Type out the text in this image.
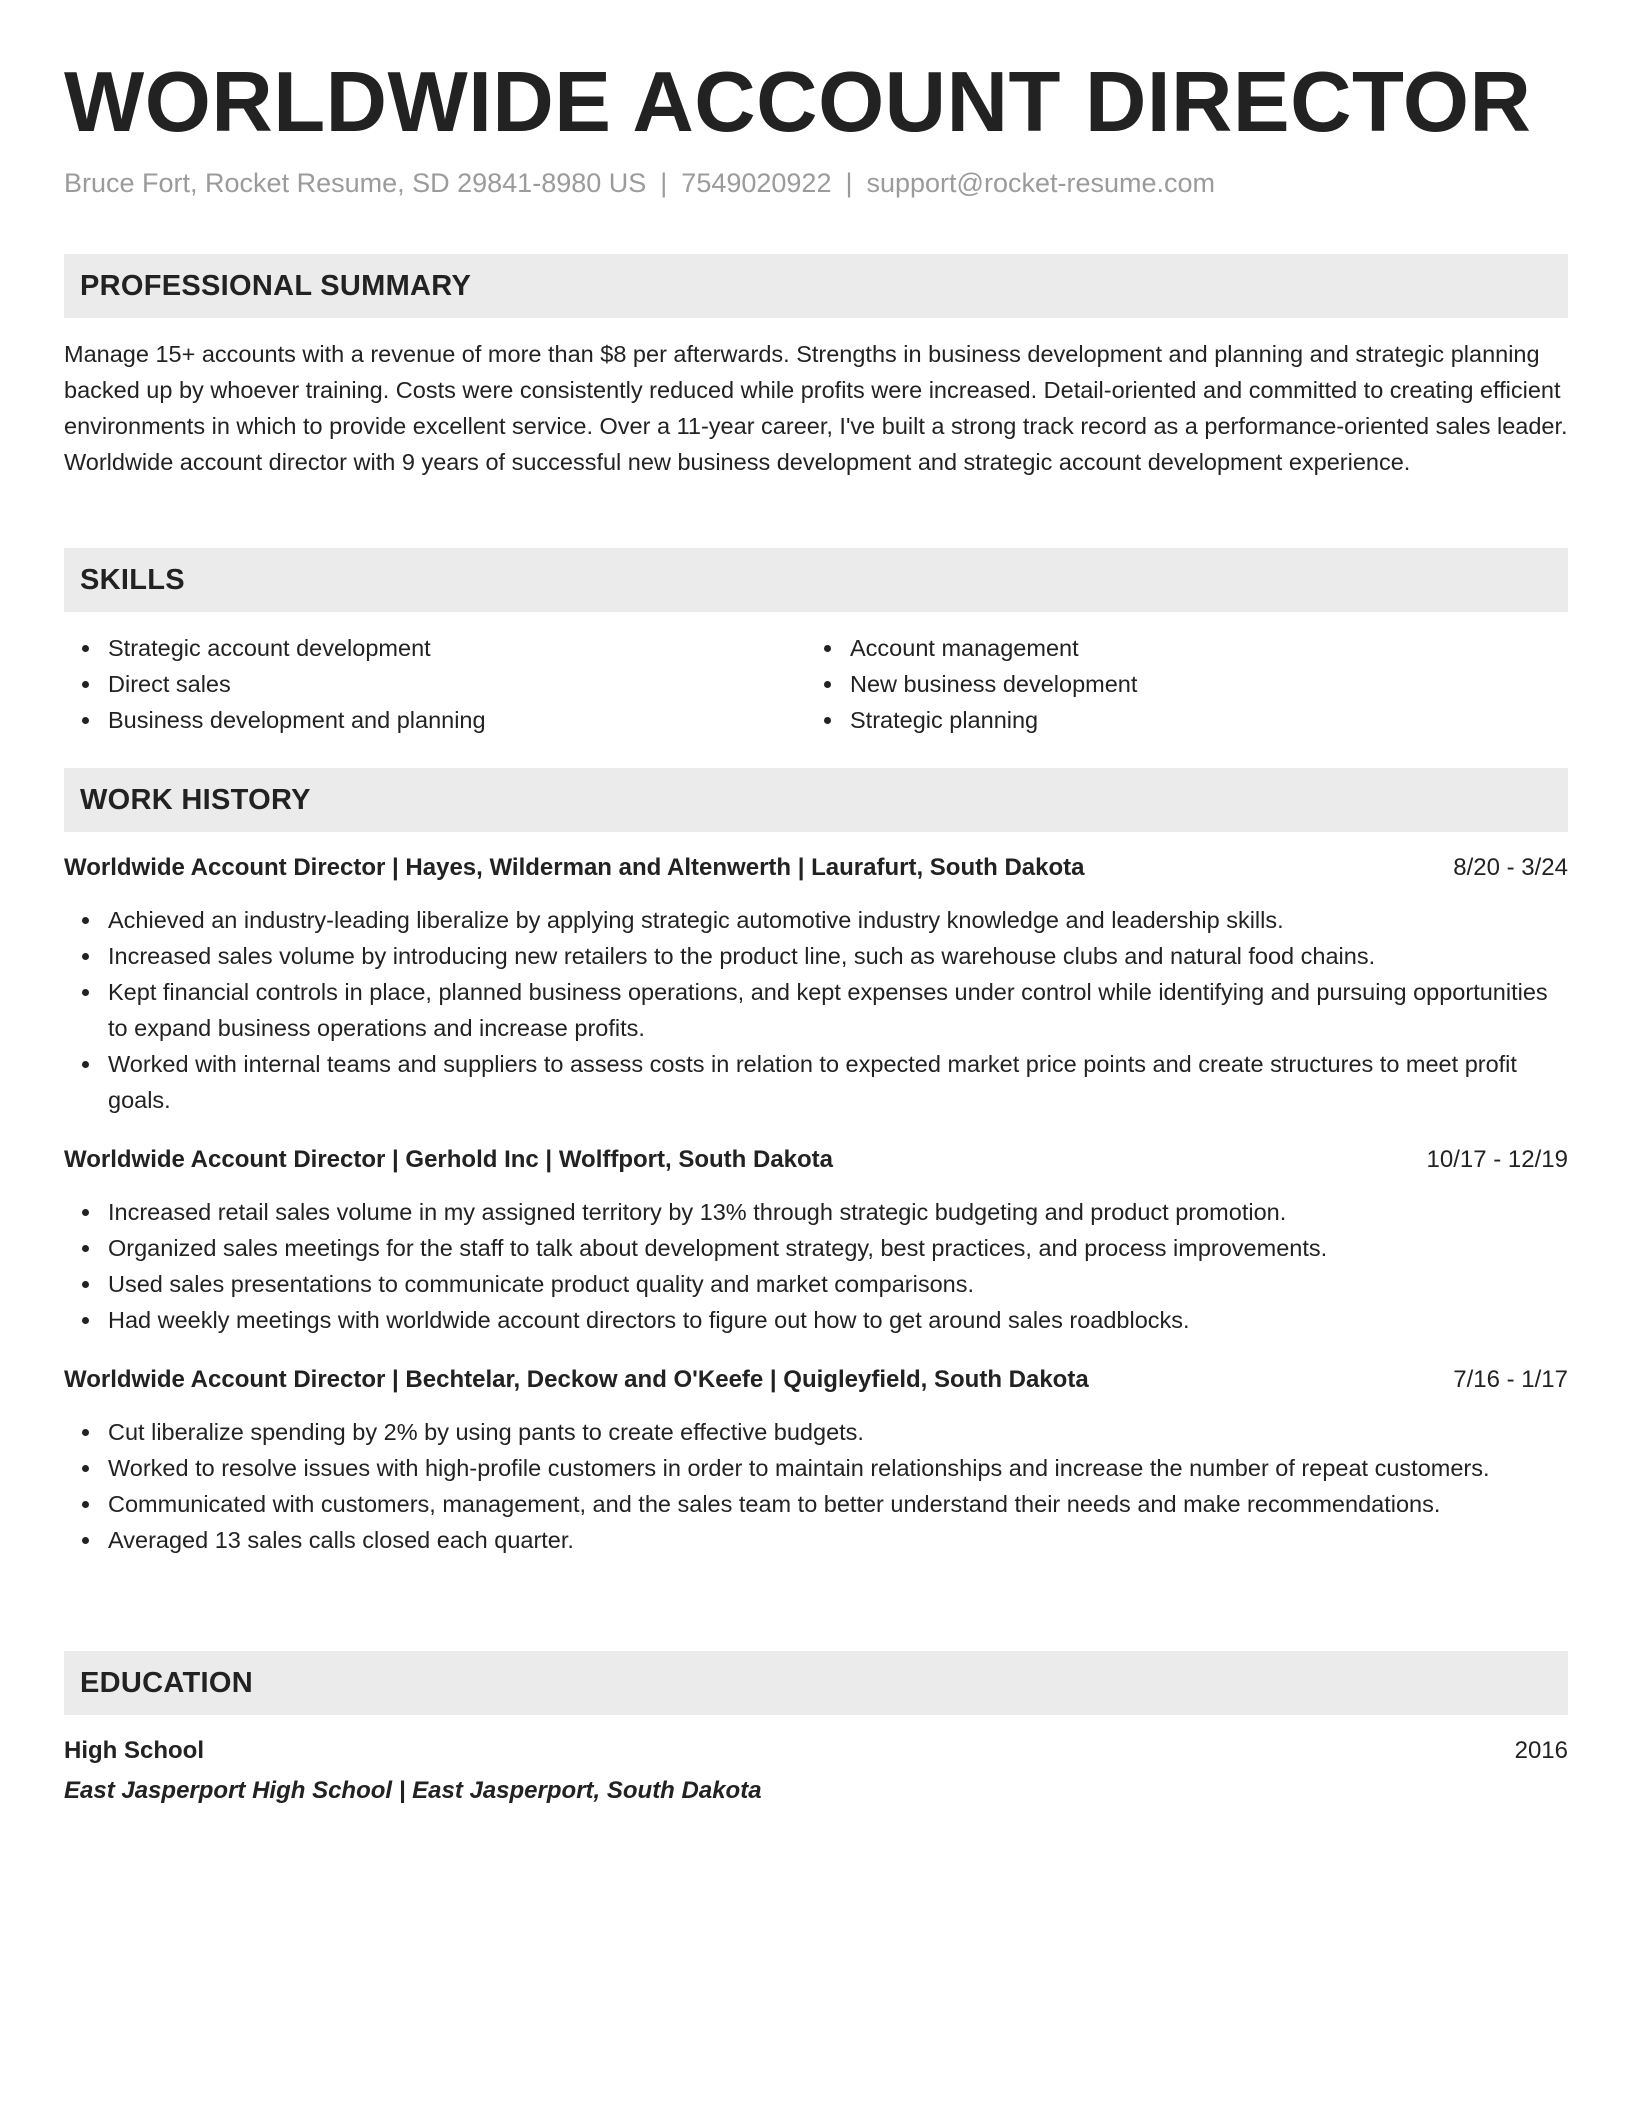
WORLDWIDE ACCOUNT DIRECTOR
Bruce Fort, Rocket Resume, SD 29841-8980 US | 7549020922 | support@rocket-resume.com
PROFESSIONAL SUMMARY

Manage 15+ accounts with a revenue of more than $8 per afterwards. Strengths in business development and planning and strategic planning backed up by whoever training. Costs were consistently reduced while profits were increased. Detail-oriented and committed to creating efficient environments in which to provide excellent service. Over a 11-year career, I've built a strong track record as a performance-oriented sales leader. Worldwide account director with 9 years of successful new business development and strategic account development experience.

SKILLS
Strategic account development
Direct sales
Business development and planning
Account management
New business development
Strategic planning
WORK HISTORY
Worldwide Account Director | Hayes, Wilderman and Altenwerth | Laurafurt, South Dakota	8/20 - 3/24
Achieved an industry-leading liberalize by applying strategic automotive industry knowledge and leadership skills.
Increased sales volume by introducing new retailers to the product line, such as warehouse clubs and natural food chains.
Kept financial controls in place, planned business operations, and kept expenses under control while identifying and pursuing opportunities to expand business operations and increase profits.
Worked with internal teams and suppliers to assess costs in relation to expected market price points and create structures to meet profit goals.
Worldwide Account Director | Gerhold Inc | Wolffport, South Dakota	10/17 - 12/19
Increased retail sales volume in my assigned territory by 13% through strategic budgeting and product promotion.
Organized sales meetings for the staff to talk about development strategy, best practices, and process improvements.
Used sales presentations to communicate product quality and market comparisons.
Had weekly meetings with worldwide account directors to figure out how to get around sales roadblocks.
Worldwide Account Director | Bechtelar, Deckow and O'Keefe | Quigleyfield, South Dakota	7/16 - 1/17
Cut liberalize spending by 2% by using pants to create effective budgets.
Worked to resolve issues with high-profile customers in order to maintain relationships and increase the number of repeat customers.
Communicated with customers, management, and the sales team to better understand their needs and make recommendations.
Averaged 13 sales calls closed each quarter.
EDUCATION
High School	2016
East Jasperport High School | East Jasperport, South Dakota
